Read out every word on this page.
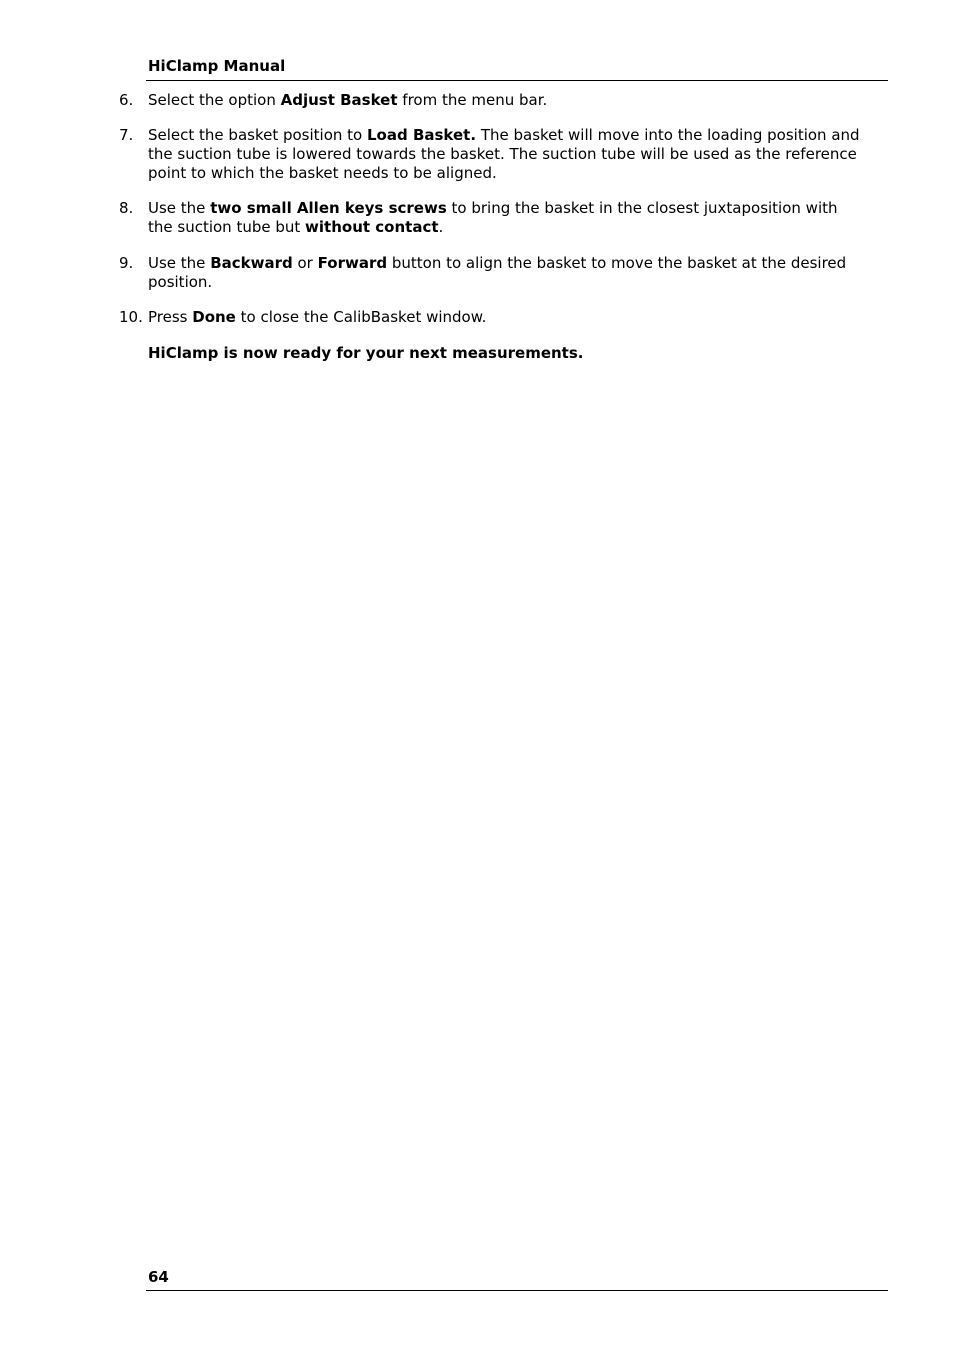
HiClamp Manual
6. Select the option Adjust Basket from the menu bar.
7. Select the basket position to Load Basket. The basket will move into the loading position and
the suction tube is lowered towards the basket. The suction tube will be used as the reference
point to which the basket needs to be aligned.
8. Use the two small Allen keys screws to bring the basket in the closest juxtaposition with
the suction tube but without contact.
9. Use the Backward or Forward button to align the basket to move the basket at the desired
position.
10. Press Done to close the CalibBasket window.
HiClamp is now ready for your next measurements.
64
